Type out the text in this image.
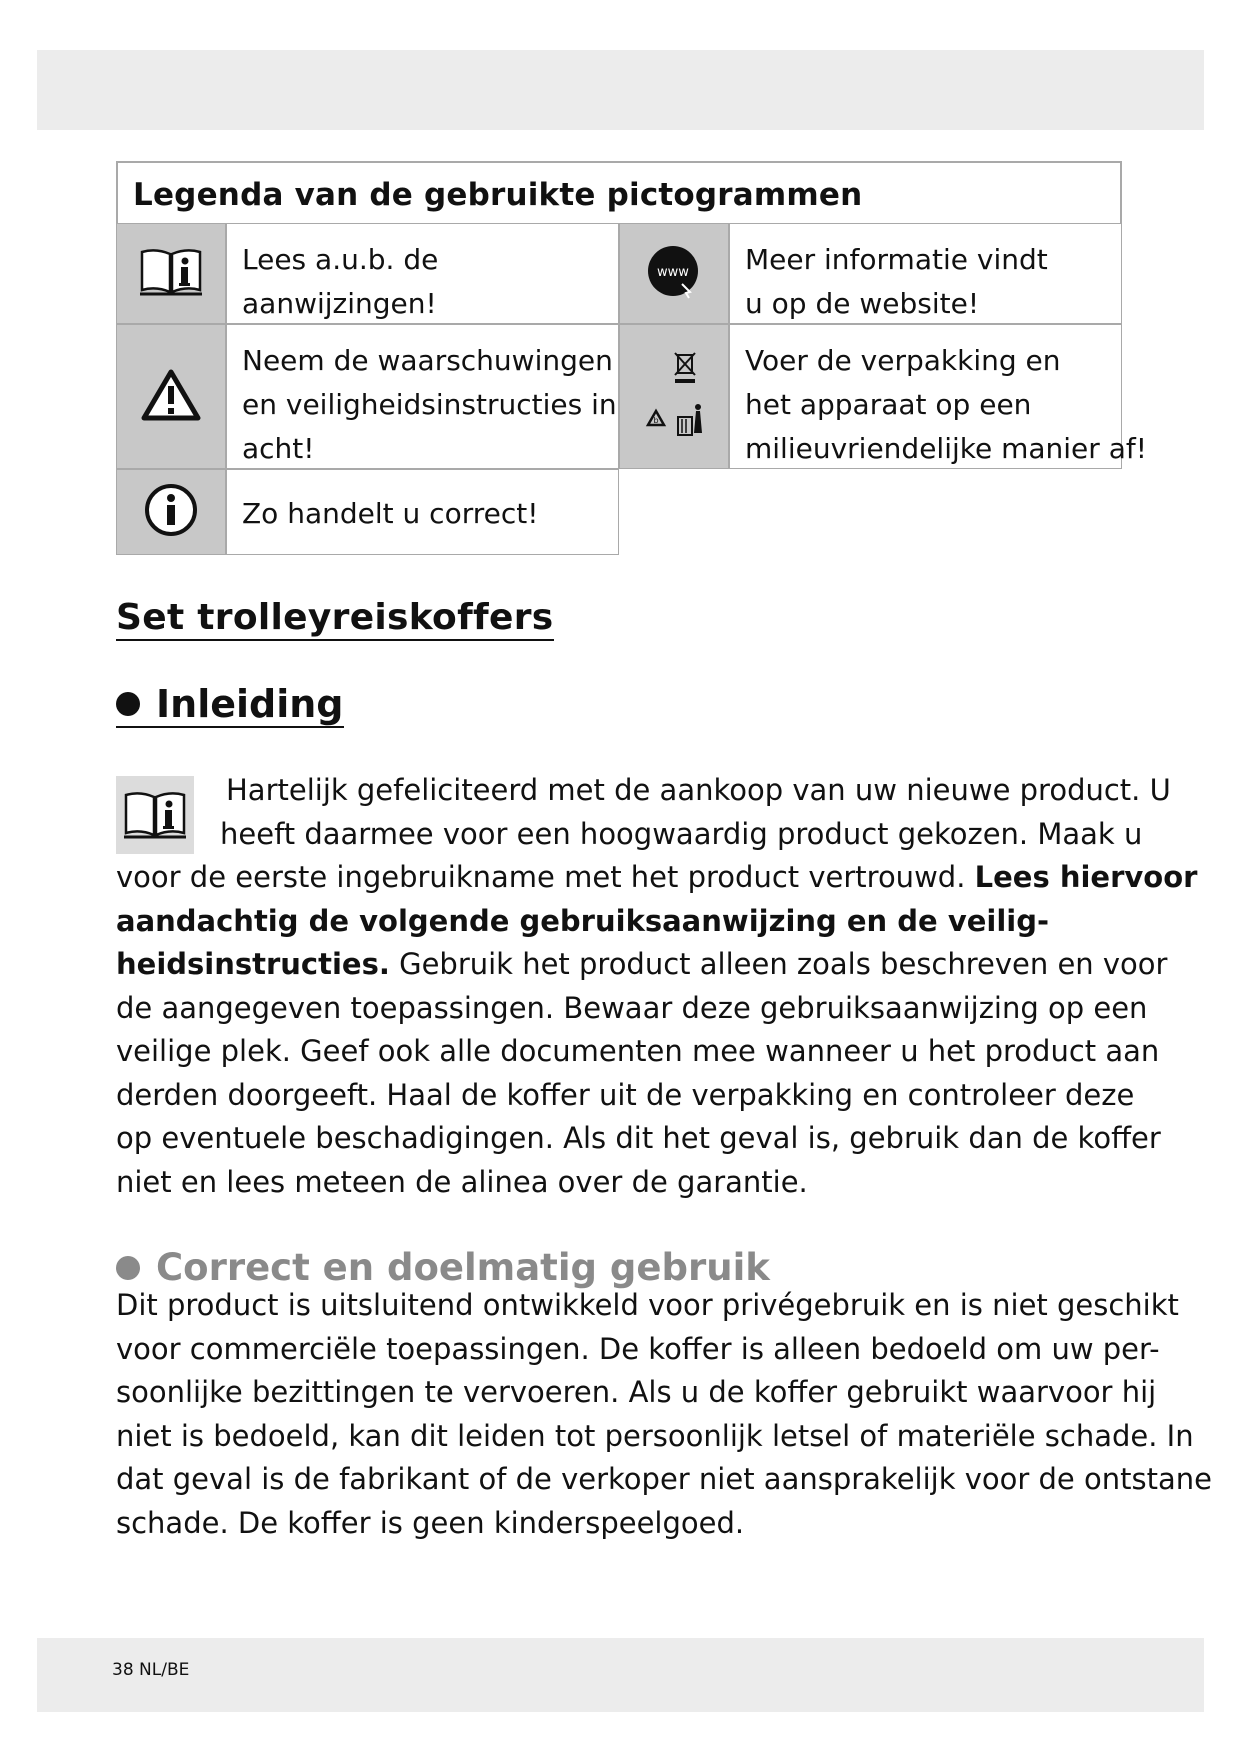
Legenda van de gebruikte pictogrammen
Lees a.u.b. de
aanwijzingen!
www Meer informatie vindt
u op de website!
Neem de waarschuwingen
en veiligheidsinstructies in
acht!
b
Voer de verpakking en
het apparaat op een
milieuvriendelijke manier af!
Zo handelt u correct!
Set trolleyreiskoffers
Inleiding
Hartelijk gefeliciteerd met de aankoop van uw nieuwe product. U
heeft daarmee voor een hoogwaardig product gekozen. Maak u
voor de eerste ingebruikname met het product vertrouwd. Lees hiervoor
aandachtig de volgende gebruiksaanwijzing en de veilig-
heidsinstructies. Gebruik het product alleen zoals beschreven en voor
de aangegeven toepassingen. Bewaar deze gebruiksaanwijzing op een
veilige plek. Geef ook alle documenten mee wanneer u het product aan
derden doorgeeft. Haal de koffer uit de verpakking en controleer deze
op eventuele beschadigingen. Als dit het geval is, gebruik dan de koffer
niet en lees meteen de alinea over de garantie.
Correct en doelmatig gebruik
Dit product is uitsluitend ontwikkeld voor privégebruik en is niet geschikt
voor commerciële toepassingen. De koffer is alleen bedoeld om uw per-
soonlijke bezittingen te vervoeren. Als u de koffer gebruikt waarvoor hij
niet is bedoeld, kan dit leiden tot persoonlijk letsel of materiële schade. In
dat geval is de fabrikant of de verkoper niet aansprakelijk voor de ontstane
schade. De koffer is geen kinderspeelgoed.
38 NL/BE
